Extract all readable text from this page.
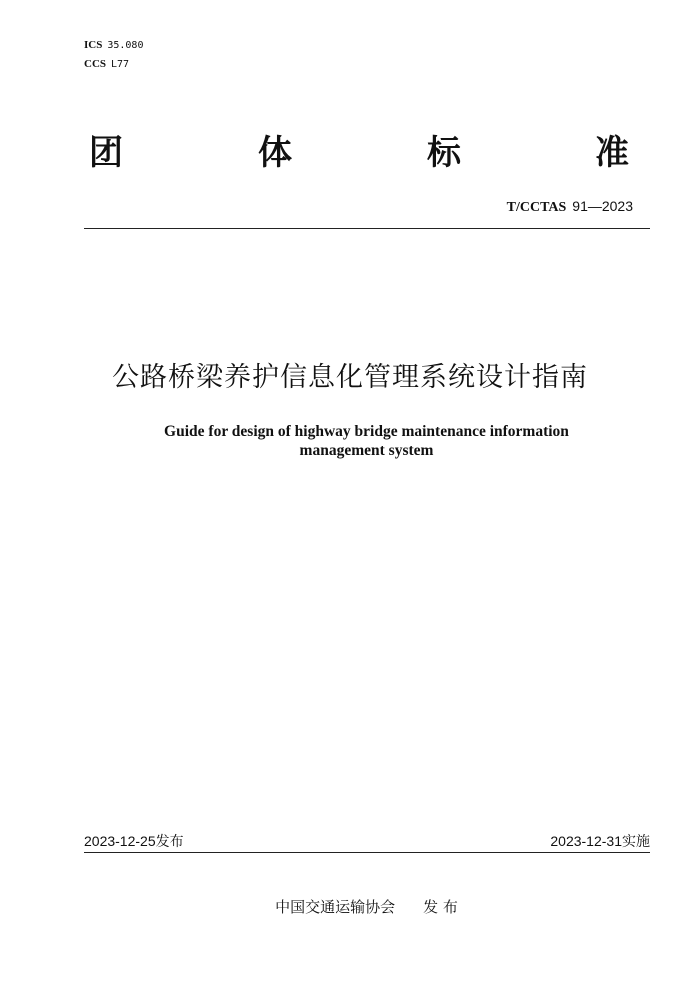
ICS 35.080
CCS L77
团	体	标	准
T/CCTAS 91—2023
公路桥梁养护信息化管理系统设计指南
Guide for design of highway bridge maintenance information
management system
2023-12-25发布	2023-12-31实施
中国交通运输协会 发 布
